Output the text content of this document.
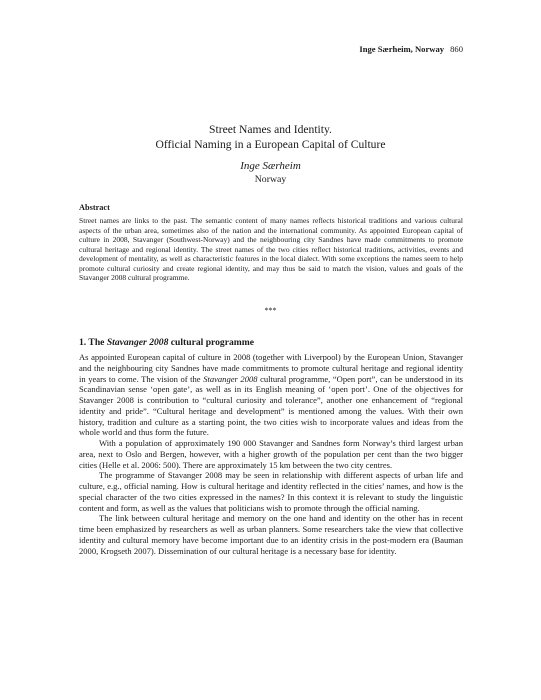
Inge Særheim, Norway 860
Street Names and Identity.
Official Naming in a European Capital of Culture
Inge Særheim
Norway
Abstract
Street names are links to the past. The semantic content of many names reflects historical traditions and various cultural aspects of the urban area, sometimes also of the nation and the international community. As appointed European capital of culture in 2008, Stavanger (Southwest-Norway) and the neighbouring city Sandnes have made commitments to promote cultural heritage and regional identity. The street names of the two cities reflect historical traditions, activities, events and development of mentality, as well as characteristic features in the local dialect. With some exceptions the names seem to help promote cultural curiosity and create regional identity, and may thus be said to match the vision, values and goals of the Stavanger 2008 cultural programme.
***
1. The Stavanger 2008 cultural programme

As appointed European capital of culture in 2008 (together with Liverpool) by the European Union, Stavanger and the neighbouring city Sandnes have made commitments to promote cultural heritage and regional identity in years to come. The vision of the Stavanger 2008 cultural programme, “Open port”, can be understood in its Scandinavian sense ‘open gate’, as well as in its English meaning of ‘open port’. One of the objectives for Stavanger 2008 is contribution to “cultural curiosity and tolerance”, another one enhancement of “regional identity and pride”. “Cultural heritage and development” is mentioned among the values. With their own history, tradition and culture as a starting point, the two cities wish to incorporate values and ideas from the whole world and thus form the future.

With a population of approximately 190 000 Stavanger and Sandnes form Norway’s third largest urban area, next to Oslo and Bergen, however, with a higher growth of the population per cent than the two bigger cities (Helle et al. 2006: 500). There are approximately 15 km between the two city centres.

The programme of Stavanger 2008 may be seen in relationship with different aspects of urban life and culture, e.g., official naming. How is cultural heritage and identity reflected in the cities’ names, and how is the special character of the two cities expressed in the names? In this context it is relevant to study the linguistic content and form, as well as the values that politicians wish to promote through the official naming.

The link between cultural heritage and memory on the one hand and identity on the other has in recent time been emphasized by researchers as well as urban planners. Some researchers take the view that collective identity and cultural memory have become important due to an identity crisis in the post-modern era (Bauman 2000, Krogseth 2007). Dissemination of our cultural heritage is a necessary base for identity.
